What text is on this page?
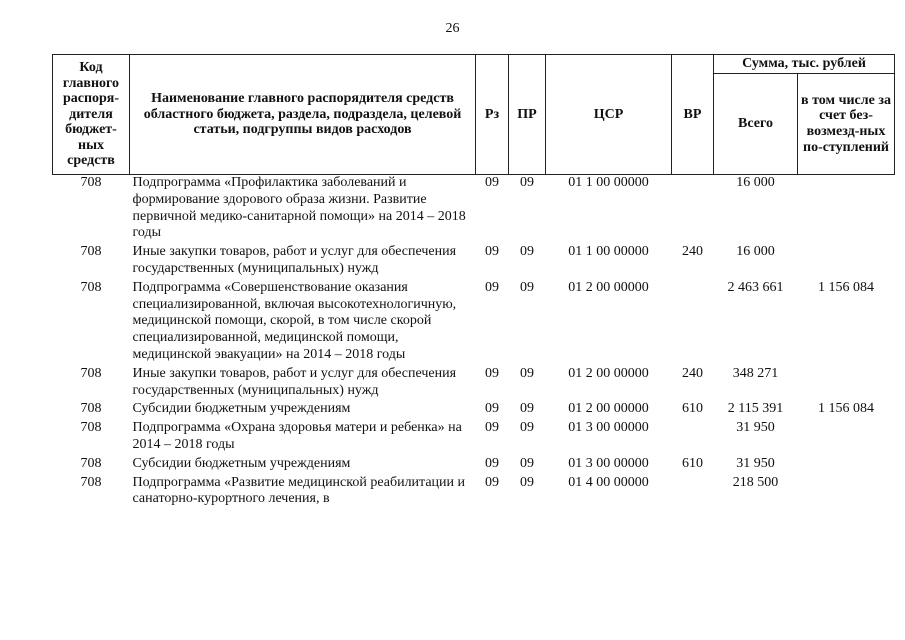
26
Код главного распоря-дителя бюджет-ных средств	Наименование главного распорядителя средств областного бюджета, раздела, подраздела, целевой статьи, подгруппы видов расходов	Рз	ПР	ЦСР	ВР	Сумма, тыс. рублей	
						Всего	в том числе за счет без-возмезд-ных по-ступлений
708	Подпрограмма «Профилактика заболеваний и формирование здорового образа жизни. Развитие первичной медико-санитарной помощи» на 2014 – 2018 годы	09	09	01 1 00 00000		16 000	
708	Иные закупки товаров, работ и услуг для обеспечения государственных (муниципальных) нужд	09	09	01 1 00 00000	240	16 000	
708	Подпрограмма «Совершенствование оказания специализированной, включая высокотехнологичную, медицинской помощи, скорой, в том числе скорой специализированной, медицинской помощи, медицинской эвакуации» на 2014 – 2018 годы	09	09	01 2 00 00000		2 463 661	1 156 084
708	Иные закупки товаров, работ и услуг для обеспечения государственных (муниципальных) нужд	09	09	01 2 00 00000	240	348 271	
708	Субсидии бюджетным учреждениям	09	09	01 2 00 00000	610	2 115 391	1 156 084
708	Подпрограмма «Охрана здоровья матери и ребенка» на 2014 – 2018 годы	09	09	01 3 00 00000		31 950	
708	Субсидии бюджетным учреждениям	09	09	01 3 00 00000	610	31 950	
708	Подпрограмма «Развитие медицинской реабилитации и санаторно-курортного лечения, в	09	09	01 4 00 00000		218 500	
